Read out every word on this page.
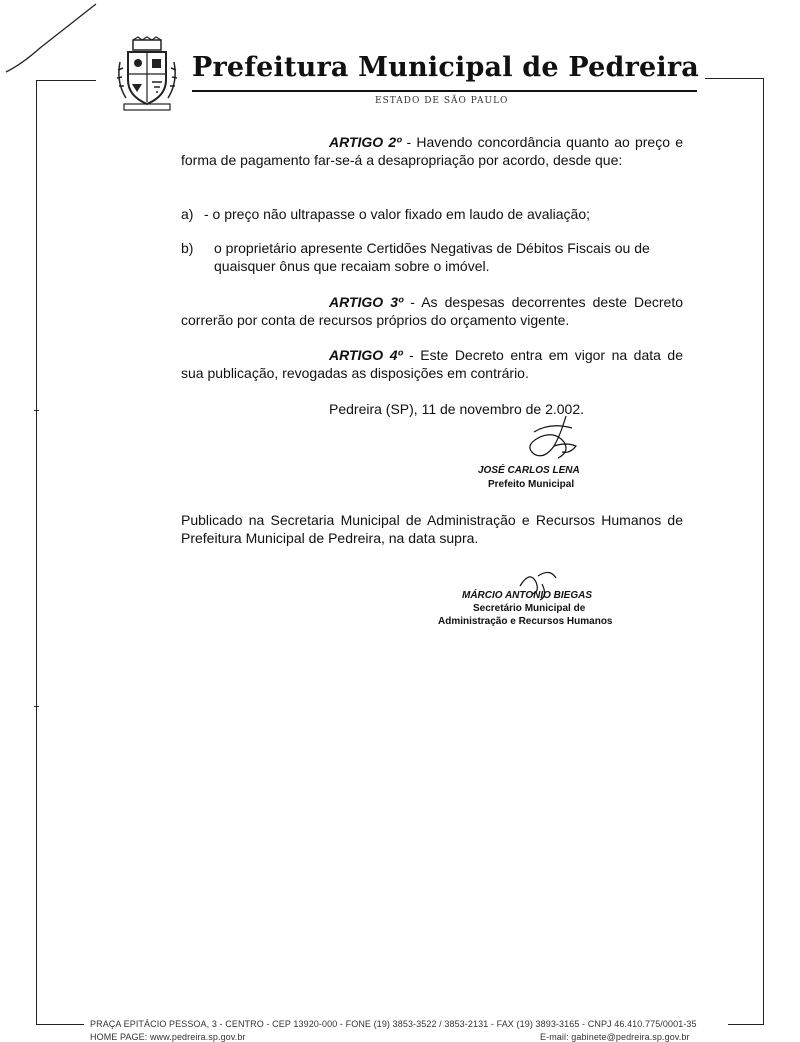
Prefeitura Municipal de Pedreira
ESTADO DE SÃO PAULO
ARTIGO 2º - Havendo concordância quanto ao preço e forma de pagamento far-se-á a desapropriação por acordo, desde que:
a) - o preço não ultrapasse o valor fixado em laudo de avaliação;
b) o proprietário apresente Certidões Negativas de Débitos Fiscais ou de quaisquer ônus que recaiam sobre o imóvel.
ARTIGO 3º - As despesas decorrentes deste Decreto correrão por conta de recursos próprios do orçamento vigente.
ARTIGO 4º - Este Decreto entra em vigor na data de sua publicação, revogadas as disposições em contrário.
Pedreira (SP), 11 de novembro de 2.002.
JOSÉ CARLOS LENA
Prefeito Municipal
Publicado na Secretaria Municipal de Administração e Recursos Humanos de Prefeitura Municipal de Pedreira, na data supra.
MÁRCIO ANTONIO BIEGAS
Secretário Municipal de
Administração e Recursos Humanos
PRAÇA EPITÁCIO PESSOA, 3 - CENTRO - CEP 13920-000 - FONE (19) 3853-3522 / 3853-2131 - FAX (19) 3893-3165 - CNPJ 46.410.775/0001-35
HOME PAGE: www.pedreira.sp.gov.br	E-mail: gabinete@pedreira.sp.gov.br
